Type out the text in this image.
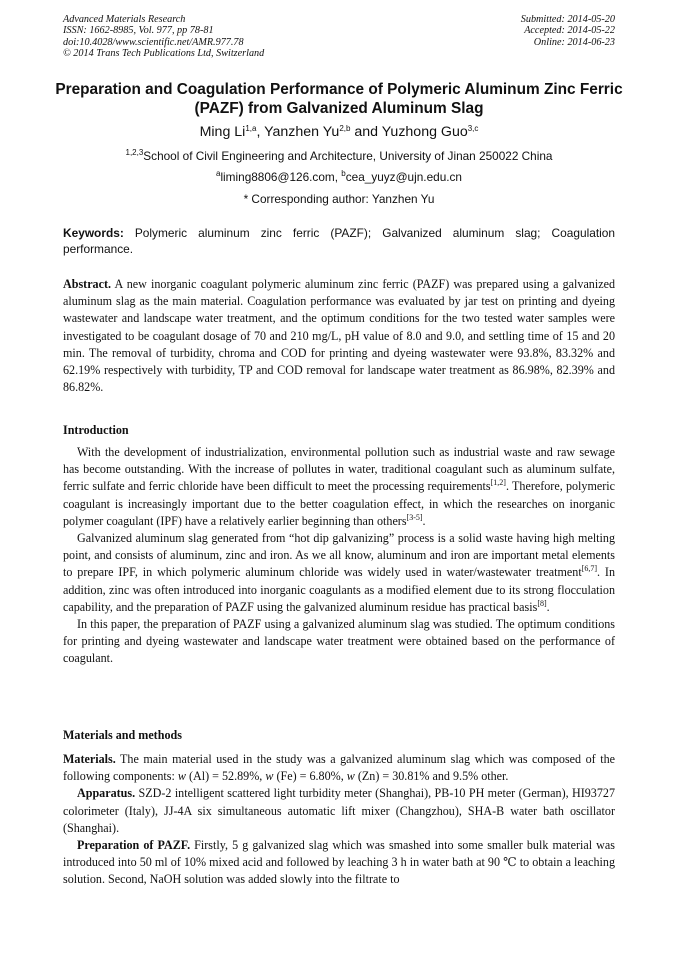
Advanced Materials Research
ISSN: 1662-8985, Vol. 977, pp 78-81
doi:10.4028/www.scientific.net/AMR.977.78
© 2014 Trans Tech Publications Ltd, Switzerland
Submitted: 2014-05-20
Accepted: 2014-05-22
Online: 2014-06-23
Preparation and Coagulation Performance of Polymeric Aluminum Zinc Ferric (PAZF) from Galvanized Aluminum Slag
Ming Li$^{1,a}$, Yanzhen Yu$^{2,b}$ and Yuzhong Guo$^{3,c}$
$^{1,2,3}$School of Civil Engineering and Architecture, University of Jinan 250022 China
$^a$liming8806@126.com, $^b$cea_yuyz@ujn.edu.cn
* Corresponding author: Yanzhen Yu
Keywords: Polymeric aluminum zinc ferric (PAZF); Galvanized aluminum slag; Coagulation performance.

Abstract. A new inorganic coagulant polymeric aluminum zinc ferric (PAZF) was prepared using a galvanized aluminum slag as the main material. Coagulation performance was evaluated by jar test on printing and dyeing wastewater and landscape water treatment, and the optimum conditions for the two tested water samples were investigated to be coagulant dosage of 70 and 210 mg/L, pH value of 8.0 and 9.0, and settling time of 15 and 20 min. The removal of turbidity, chroma and COD for printing and dyeing wastewater were 93.8%, 83.32% and 62.19% respectively with turbidity, TP and COD removal for landscape water treatment as 86.98%, 82.39% and 86.82%.

Introduction

With the development of industrialization, environmental pollution such as industrial waste and raw sewage has become outstanding. With the increase of pollutes in water, traditional coagulant such as aluminum sulfate, ferric sulfate and ferric chloride have been difficult to meet the processing requirements[1,2]. Therefore, polymeric coagulant is increasingly important due to the better coagulation effect, in which the researches on inorganic polymer coagulant (IPF) have a relatively earlier beginning than others[3-5].

Galvanized aluminum slag generated from “hot dip galvanizing” process is a solid waste having high melting point, and consists of aluminum, zinc and iron. As we all know, aluminum and iron are important metal elements to prepare IPF, in which polymeric aluminum chloride was widely used in water/wastewater treatment[6,7]. In addition, zinc was often introduced into inorganic coagulants as a modified element due to its strong flocculation capability, and the preparation of PAZF using the galvanized aluminum residue has practical basis[8].

In this paper, the preparation of PAZF using a galvanized aluminum slag was studied. The optimum conditions for printing and dyeing wastewater and landscape water treatment were obtained based on the performance of coagulant.

Materials and methods

Materials. The main material used in the study was a galvanized aluminum slag which was composed of the following components: w (Al) = 52.89%, w (Fe) = 6.80%, w (Zn) = 30.81% and 9.5% other.

Apparatus. SZD-2 intelligent scattered light turbidity meter (Shanghai), PB-10 PH meter (German), HI93727 colorimeter (Italy), JJ-4A six simultaneous automatic lift mixer (Changzhou), SHA-B water bath oscillator (Shanghai).

Preparation of PAZF. Firstly, 5 g galvanized slag which was smashed into some smaller bulk material was introduced into 50 ml of 10% mixed acid and followed by leaching 3 h in water bath at 90 ℃ to obtain a leaching solution. Second, NaOH solution was added slowly into the filtrate to
